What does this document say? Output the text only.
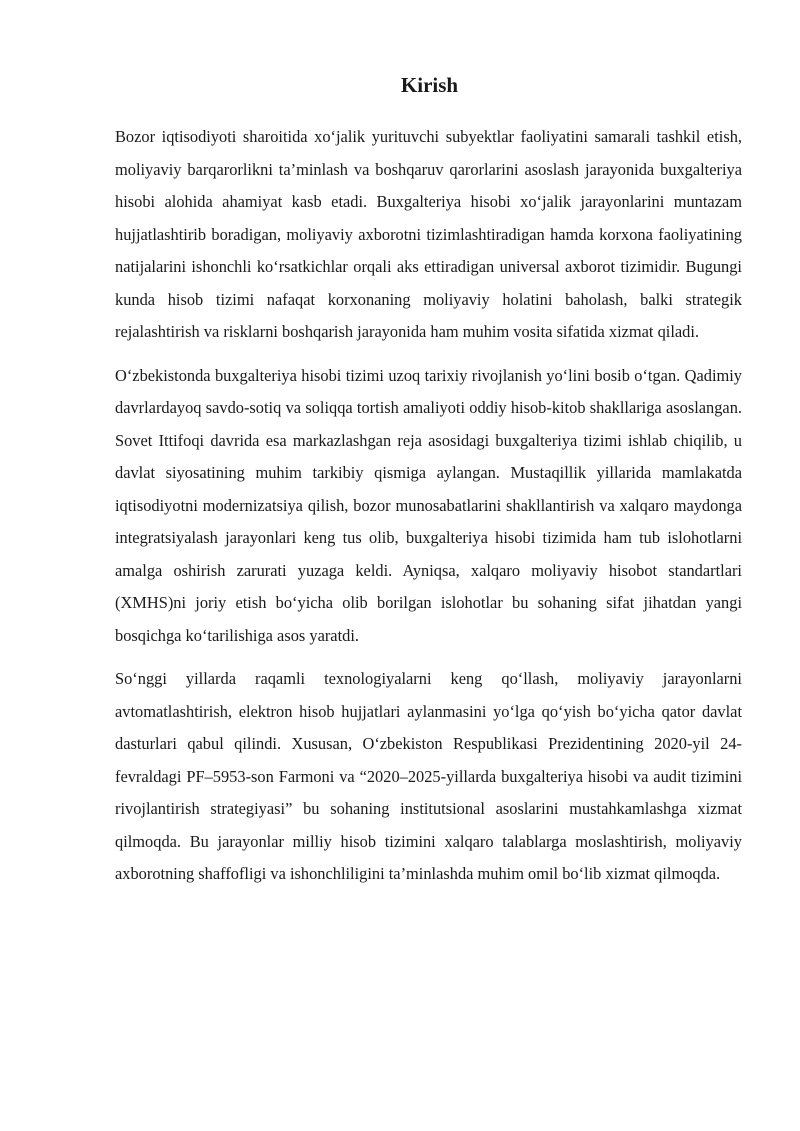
Kirish

Bozor iqtisodiyoti sharoitida xo‘jalik yurituvchi subyektlar faoliyatini samarali tashkil etish, moliyaviy barqarorlikni ta’minlash va boshqaruv qarorlarini asoslash jarayonida buxgalteriya hisobi alohida ahamiyat kasb etadi. Buxgalteriya hisobi xo‘jalik jarayonlarini muntazam hujjatlashtirib boradigan, moliyaviy axborotni tizimlashtiradigan hamda korxona faoliyatining natijalarini ishonchli ko‘rsatkichlar orqali aks ettiradigan universal axborot tizimidir. Bugungi kunda hisob tizimi nafaqat korxonaning moliyaviy holatini baholash, balki strategik rejalashtirish va risklarni boshqarish jarayonida ham muhim vosita sifatida xizmat qiladi.

O‘zbekistonda buxgalteriya hisobi tizimi uzoq tarixiy rivojlanish yo‘lini bosib o‘tgan. Qadimiy davrlardayoq savdo-sotiq va soliqqa tortish amaliyoti oddiy hisob-kitob shakllariga asoslangan. Sovet Ittifoqi davrida esa markazlashgan reja asosidagi buxgalteriya tizimi ishlab chiqilib, u davlat siyosatining muhim tarkibiy qismiga aylangan. Mustaqillik yillarida mamlakatda iqtisodiyotni modernizatsiya qilish, bozor munosabatlarini shakllantirish va xalqaro maydonga integratsiyalash jarayonlari keng tus olib, buxgalteriya hisobi tizimida ham tub islohotlarni amalga oshirish zarurati yuzaga keldi. Ayniqsa, xalqaro moliyaviy hisobot standartlari (XMHS)ni joriy etish bo‘yicha olib borilgan islohotlar bu sohaning sifat jihatdan yangi bosqichga ko‘tarilishiga asos yaratdi.

So‘nggi yillarda raqamli texnologiyalarni keng qo‘llash, moliyaviy jarayonlarni avtomatlashtirish, elektron hisob hujjatlari aylanmasini yo‘lga qo‘yish bo‘yicha qator davlat dasturlari qabul qilindi. Xususan, O‘zbekiston Respublikasi Prezidentining 2020-yil 24-fevraldagi PF–5953-son Farmoni va “2020–2025-yillarda buxgalteriya hisobi va audit tizimini rivojlantirish strategiyasi” bu sohaning institutsional asoslarini mustahkamlashga xizmat qilmoqda. Bu jarayonlar milliy hisob tizimini xalqaro talablarga moslashtirish, moliyaviy axborotning shaffofligi va ishonchliligini ta’minlashda muhim omil bo‘lib xizmat qilmoqda.
